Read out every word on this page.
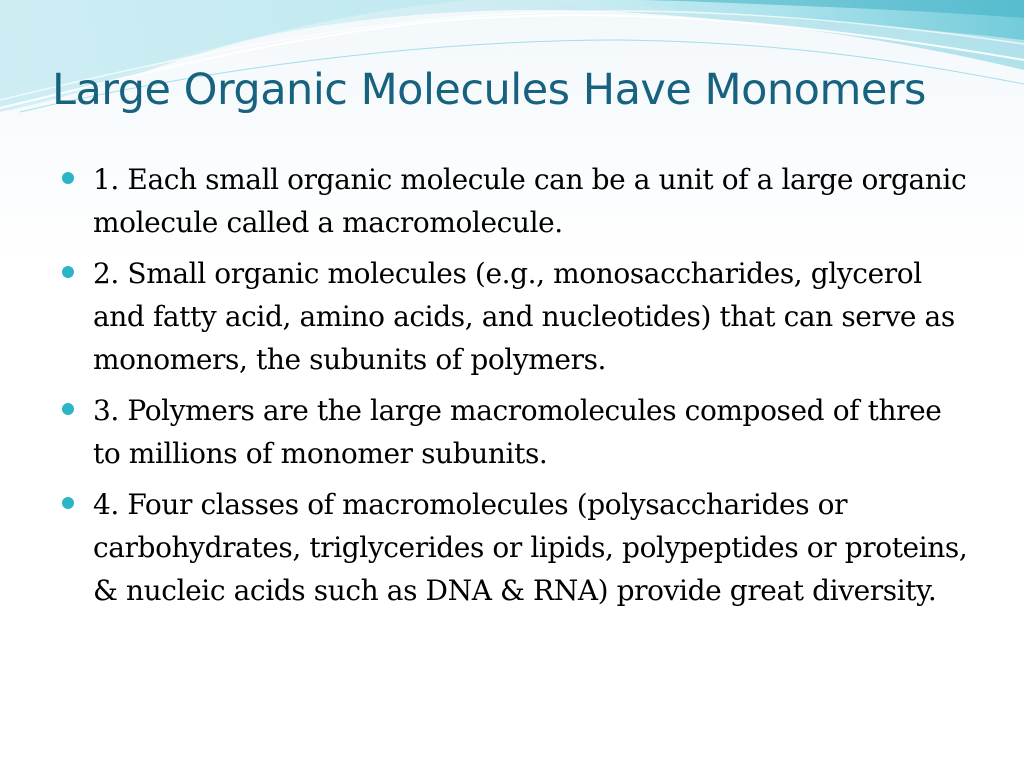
Large Organic Molecules Have Monomers
1. Each small organic molecule can be a unit of a large organic molecule called a macromolecule.
2. Small organic molecules (e.g., monosaccharides, glycerol and fatty acid, amino acids, and nucleotides) that can serve as monomers, the subunits of polymers.
3. Polymers are the large macromolecules composed of three to millions of monomer subunits.
4. Four classes of macromolecules (polysaccharides or carbohydrates, triglycerides or lipids, polypeptides or proteins, & nucleic acids such as DNA & RNA) provide great diversity.
